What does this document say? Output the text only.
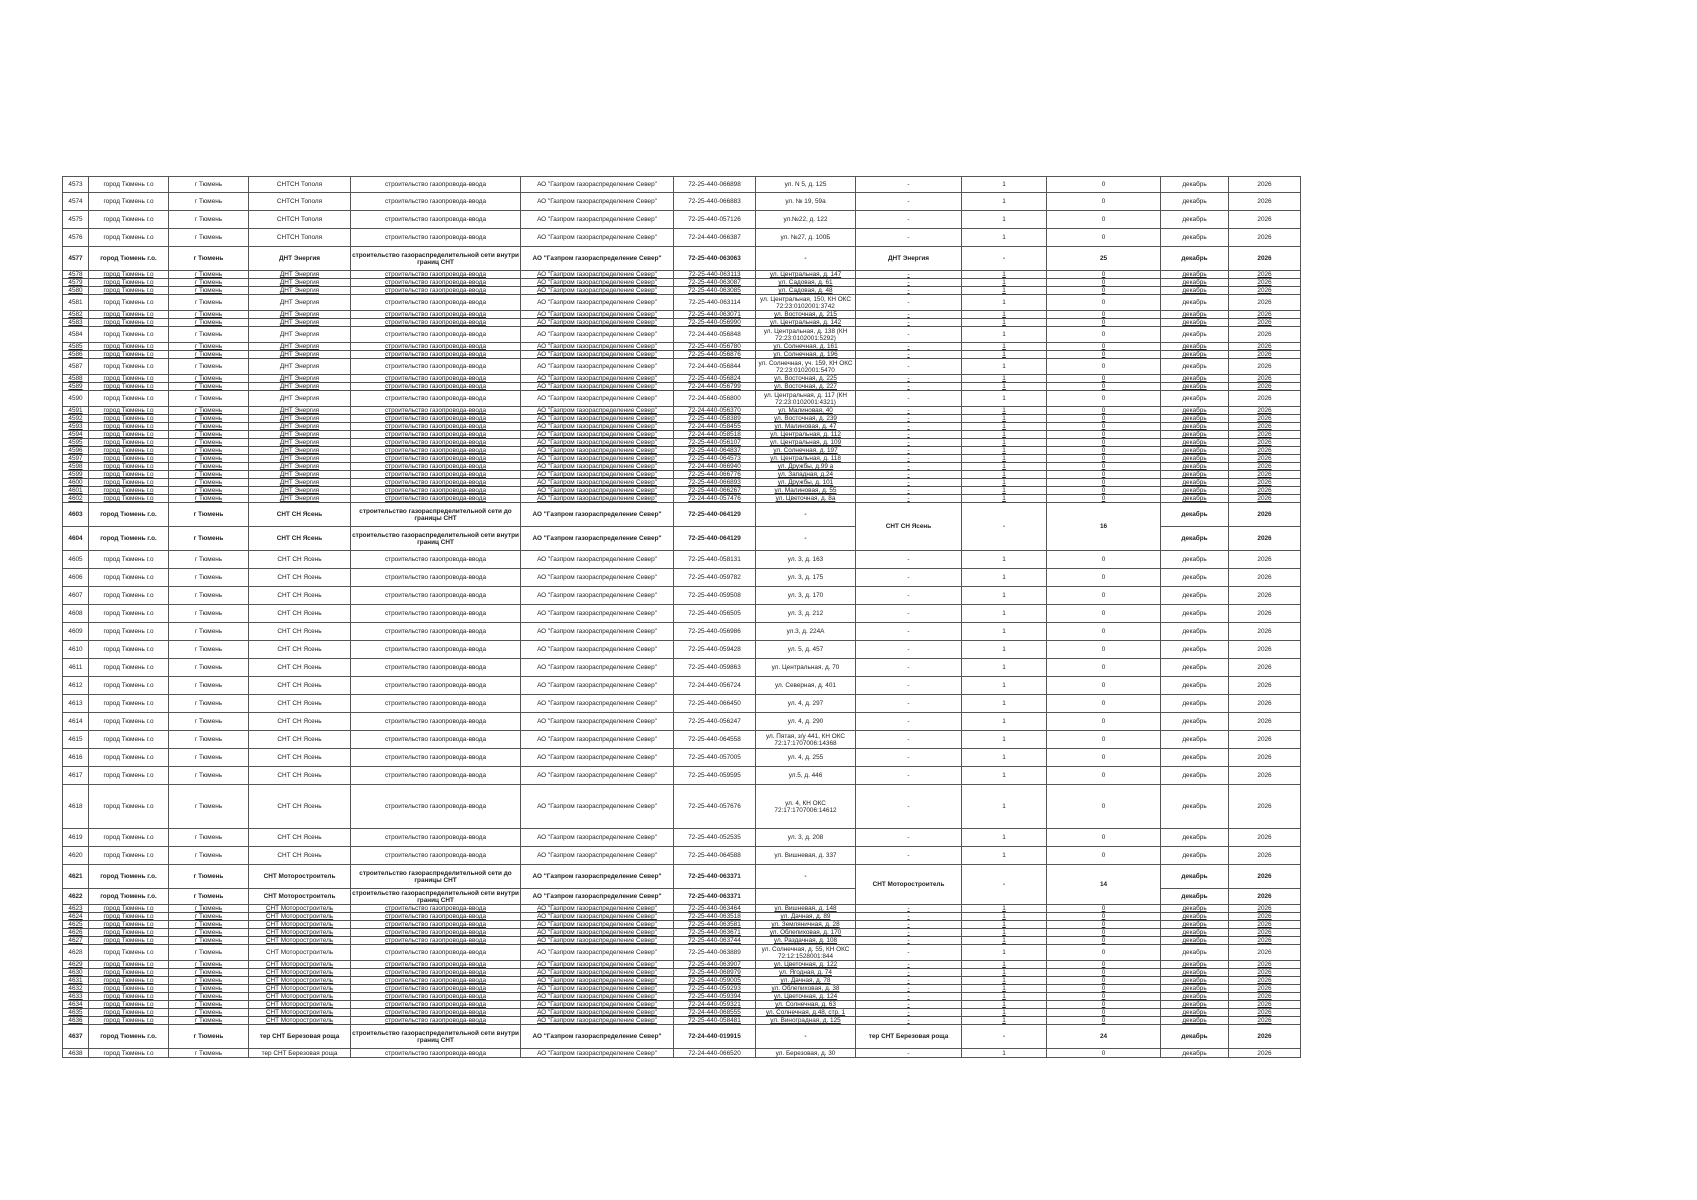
4573	город Тюмень г.о	г Тюмень	СНТСН Тополя	строительство газопровода-ввода	АО "Газпром газораспределение Север"	72-25-440-066898	ул. N 5, д. 125	-	1	0	декабрь	2026
4574	город Тюмень г.о	г Тюмень	СНТСН Тополя	строительство газопровода-ввода	АО "Газпром газораспределение Север"	72-25-440-066883	ул. № 19, 59а	-	1	0	декабрь	2026
4575	город Тюмень г.о	г Тюмень	СНТСН Тополя	строительство газопровода-ввода	АО "Газпром газораспределение Север"	72-25-440-057126	ул.№22, д. 122	-	1	0	декабрь	2026
4576	город Тюмень г.о	г Тюмень	СНТСН Тополя	строительство газопровода-ввода	АО "Газпром газораспределение Север"	72-24-440-066387	ул. №27, д. 100Б	-	1	0	декабрь	2026
4577	город Тюмень г.о.	г Тюмень	ДНТ Энергия	строительство газораспределительной сети внутри границ СНТ	АО "Газпром газораспределение Север"	72-25-440-063063	-	ДНТ Энергия	-	25	декабрь	2026
4578	город Тюмень г.о	г Тюмень	ДНТ Энергия	строительство газопровода-ввода	АО "Газпром газораспределение Север"	72-25-440-063113	ул. Центральная, д. 147	-	1	0	декабрь	2026
4579	город Тюмень г.о	г Тюмень	ДНТ Энергия	строительство газопровода-ввода	АО "Газпром газораспределение Север"	72-25-440-063087	ул. Садовая, д. 61	-	1	0	декабрь	2026
4580	город Тюмень г.о	г Тюмень	ДНТ Энергия	строительство газопровода-ввода	АО "Газпром газораспределение Север"	72-25-440-063085	ул. Садовая, д. 48	-	1	0	декабрь	2026
4581	город Тюмень г.о	г Тюмень	ДНТ Энергия	строительство газопровода-ввода	АО "Газпром газораспределение Север"	72-25-440-063114	ул. Центральная, 150, КН ОКС 72:23:0102001:3742	-	1	0	декабрь	2026
4582	город Тюмень г.о	г Тюмень	ДНТ Энергия	строительство газопровода-ввода	АО "Газпром газораспределение Север"	72-25-440-063071	ул. Восточная, д. 215	-	1	0	декабрь	2026
4583	город Тюмень г.о	г Тюмень	ДНТ Энергия	строительство газопровода-ввода	АО "Газпром газораспределение Север"	72-25-440-056990	ул. Центральная, д. 142	-	1	0	декабрь	2026
4584	город Тюмень г.о	г Тюмень	ДНТ Энергия	строительство газопровода-ввода	АО "Газпром газораспределение Север"	72-24-440-056848	ул. Центральная, д. 138 (КН 72:23:0102001:5292)	-	1	0	декабрь	2026
4585	город Тюмень г.о	г Тюмень	ДНТ Энергия	строительство газопровода-ввода	АО "Газпром газораспределение Север"	72-25-440-056780	ул. Солнечная, д. 161	-	1	0	декабрь	2026
4586	город Тюмень г.о	г Тюмень	ДНТ Энергия	строительство газопровода-ввода	АО "Газпром газораспределение Север"	72-25-440-056876	ул. Солнечная, д. 196	-	1	0	декабрь	2026
4587	город Тюмень г.о	г Тюмень	ДНТ Энергия	строительство газопровода-ввода	АО "Газпром газораспределение Север"	72-24-440-056844	ул. Солнечная, уч. 159, КН ОКС 72:23:0102001:5470	-	1	0	декабрь	2026
4588	город Тюмень г.о	г Тюмень	ДНТ Энергия	строительство газопровода-ввода	АО "Газпром газораспределение Север"	72-25-440-056824	ул. Восточная, д. 225	-	1	0	декабрь	2026
4589	город Тюмень г.о	г Тюмень	ДНТ Энергия	строительство газопровода-ввода	АО "Газпром газораспределение Север"	72-24-440-056799	ул. Восточная, д. 227	-	1	0	декабрь	2026
4590	город Тюмень г.о	г Тюмень	ДНТ Энергия	строительство газопровода-ввода	АО "Газпром газораспределение Север"	72-24-440-056800	ул. Центральная, д. 117 (КН 72:23:0102001:4321)	-	1	0	декабрь	2026
4591	город Тюмень г.о	г Тюмень	ДНТ Энергия	строительство газопровода-ввода	АО "Газпром газораспределение Север"	72-24-440-056370	ул. Малиновая, 40	-	1	0	декабрь	2026
4592	город Тюмень г.о	г Тюмень	ДНТ Энергия	строительство газопровода-ввода	АО "Газпром газораспределение Север"	72-25-440-058389	ул. Восточная, д. 239	-	1	0	декабрь	2026
4593	город Тюмень г.о	г Тюмень	ДНТ Энергия	строительство газопровода-ввода	АО "Газпром газораспределение Север"	72-24-440-058455	ул. Малиновая, д. 47	-	1	0	декабрь	2026
4594	город Тюмень г.о	г Тюмень	ДНТ Энергия	строительство газопровода-ввода	АО "Газпром газораспределение Север"	72-24-440-058518	ул. Центральная, д. 112	-	1	0	декабрь	2026
4595	город Тюмень г.о	г Тюмень	ДНТ Энергия	строительство газопровода-ввода	АО "Газпром газораспределение Север"	72-25-440-056107	ул. Центральная, д. 109	-	1	0	декабрь	2026
4596	город Тюмень г.о	г Тюмень	ДНТ Энергия	строительство газопровода-ввода	АО "Газпром газораспределение Север"	72-25-440-064837	ул. Солнечная, д. 197	-	1	0	декабрь	2026
4597	город Тюмень г.о	г Тюмень	ДНТ Энергия	строительство газопровода-ввода	АО "Газпром газораспределение Север"	72-25-440-064573	ул. Центральная, д. 118	-	1	0	декабрь	2026
4598	город Тюмень г.о	г Тюмень	ДНТ Энергия	строительство газопровода-ввода	АО "Газпром газораспределение Север"	72-24-440-066940	ул. Дружбы, д.99 а	-	1	0	декабрь	2026
4599	город Тюмень г.о	г Тюмень	ДНТ Энергия	строительство газопровода-ввода	АО "Газпром газораспределение Север"	72-25-440-066776	ул. Западная, д.24	-	1	0	декабрь	2026
4600	город Тюмень г.о	г Тюмень	ДНТ Энергия	строительство газопровода-ввода	АО "Газпром газораспределение Север"	72-25-440-066893	ул. Дружбы, д. 101	-	1	0	декабрь	2026
4601	город Тюмень г.о	г Тюмень	ДНТ Энергия	строительство газопровода-ввода	АО "Газпром газораспределение Север"	72-25-440-066267	ул. Малиновая, д. 55	-	1	0	декабрь	2026
4602	город Тюмень г.о	г Тюмень	ДНТ Энергия	строительство газопровода-ввода	АО "Газпром газораспределение Север"	72-24-440-057476	ул. Цветочная, д. 8а	-	1	0	декабрь	2026
4603	город Тюмень г.о.	г Тюмень	СНТ СН Ясень	строительство газораспределительной сети до границы СНТ	АО "Газпром газораспределение Север"	72-25-440-064129	-	СНТ СН Ясень	-	16	декабрь	2026
4604	город Тюмень г.о.	г Тюмень	СНТ СН Ясень	строительство газораспределительной сети внутри границ СНТ	АО "Газпром газораспределение Север"	72-25-440-064129	-				декабрь	2026
4605	город Тюмень г.о	г Тюмень	СНТ СН Ясень	строительство газопровода-ввода	АО "Газпром газораспределение Север"	72-25-440-058131	ул. 3, д. 163	-	1	0	декабрь	2026
4606	город Тюмень г.о	г Тюмень	СНТ СН Ясень	строительство газопровода-ввода	АО "Газпром газораспределение Север"	72-25-440-059782	ул. 3, д. 175	-	1	0	декабрь	2026
4607	город Тюмень г.о	г Тюмень	СНТ СН Ясень	строительство газопровода-ввода	АО "Газпром газораспределение Север"	72-25-440-059508	ул. 3, д. 170	-	1	0	декабрь	2026
4608	город Тюмень г.о	г Тюмень	СНТ СН Ясень	строительство газопровода-ввода	АО "Газпром газораспределение Север"	72-25-440-056505	ул. 3, д. 212	-	1	0	декабрь	2026
4609	город Тюмень г.о	г Тюмень	СНТ СН Ясень	строительство газопровода-ввода	АО "Газпром газораспределение Север"	72-25-440-056986	ул.3, д. 224А	-	1	0	декабрь	2026
4610	город Тюмень г.о	г Тюмень	СНТ СН Ясень	строительство газопровода-ввода	АО "Газпром газораспределение Север"	72-25-440-059428	ул. 5, д. 457	-	1	0	декабрь	2026
4611	город Тюмень г.о	г Тюмень	СНТ СН Ясень	строительство газопровода-ввода	АО "Газпром газораспределение Север"	72-25-440-059863	ул. Центральная, д. 70	-	1	0	декабрь	2026
4612	город Тюмень г.о	г Тюмень	СНТ СН Ясень	строительство газопровода-ввода	АО "Газпром газораспределение Север"	72-24-440-056724	ул. Северная, д. 401	-	1	0	декабрь	2026
4613	город Тюмень г.о	г Тюмень	СНТ СН Ясень	строительство газопровода-ввода	АО "Газпром газораспределение Север"	72-25-440-066450	ул. 4, д. 297	-	1	0	декабрь	2026
4614	город Тюмень г.о	г Тюмень	СНТ СН Ясень	строительство газопровода-ввода	АО "Газпром газораспределение Север"	72-25-440-056247	ул. 4, д. 290	-	1	0	декабрь	2026
4615	город Тюмень г.о	г Тюмень	СНТ СН Ясень	строительство газопровода-ввода	АО "Газпром газораспределение Север"	72-25-440-064558	ул. Пятая, з/у 441, КН ОКС 72:17:1707006:14368	-	1	0	декабрь	2026
4616	город Тюмень г.о	г Тюмень	СНТ СН Ясень	строительство газопровода-ввода	АО "Газпром газораспределение Север"	72-25-440-057005	ул. 4, д. 255	-	1	0	декабрь	2026
4617	город Тюмень г.о	г Тюмень	СНТ СН Ясень	строительство газопровода-ввода	АО "Газпром газораспределение Север"	72-25-440-059595	ул.5, д. 446	-	1	0	декабрь	2026
4618	город Тюмень г.о	г Тюмень	СНТ СН Ясень	строительство газопровода-ввода	АО "Газпром газораспределение Север"	72-25-440-057676	ул. 4, КН ОКС 72:17:1707006:14612	-	1	0	декабрь	2026
4619	город Тюмень г.о	г Тюмень	СНТ СН Ясень	строительство газопровода-ввода	АО "Газпром газораспределение Север"	72-25-440-052535	ул. 3, д. 208	-	1	0	декабрь	2026
4620	город Тюмень г.о	г Тюмень	СНТ СН Ясень	строительство газопровода-ввода	АО "Газпром газораспределение Север"	72-25-440-064588	ул. Вишневая, д. 337	-	1	0	декабрь	2026
4621	город Тюмень г.о.	г Тюмень	СНТ Моторостроитель	строительство газораспределительной сети до границы СНТ	АО "Газпром газораспределение Север"	72-25-440-063371	-	СНТ Моторостроитель	-	14	декабрь	2026
4622	город Тюмень г.о.	г Тюмень	СНТ Моторостроитель	строительство газораспределительной сети внутри границ СНТ	АО "Газпром газораспределение Север"	72-25-440-063371					декабрь	2026
4623	город Тюмень г.о	г Тюмень	СНТ Моторостроитель	строительство газопровода-ввода	АО "Газпром газораспределение Север"	72-25-440-063464	ул. Вишневая, д. 148	-	1	0	декабрь	2026
4624	город Тюмень г.о	г Тюмень	СНТ Моторостроитель	строительство газопровода-ввода	АО "Газпром газораспределение Север"	72-25-440-063518	ул. Дачная, д. 89	-	1	0	декабрь	2026
4625	город Тюмень г.о	г Тюмень	СНТ Моторостроитель	строительство газопровода-ввода	АО "Газпром газораспределение Север"	72-25-440-063581	ул. Земляничная, д. 28	-	1	0	декабрь	2026
4626	город Тюмень г.о	г Тюмень	СНТ Моторостроитель	строительство газопровода-ввода	АО "Газпром газораспределение Север"	72-25-440-063671	ул. Облепиховая, д. 170	-	1	0	декабрь	2026
4627	город Тюмень г.о	г Тюмень	СНТ Моторостроитель	строительство газопровода-ввода	АО "Газпром газораспределение Север"	72-25-440-063744	ул. Раздачная, д. 108	-	1	0	декабрь	2026
4628	город Тюмень г.о	г Тюмень	СНТ Моторостроитель	строительство газопровода-ввода	АО "Газпром газораспределение Север"	72-25-440-063889	ул. Солнечная, д. 55, КН ОКС 72:12:1528001:844	-	1	0	декабрь	2026
4629	город Тюмень г.о	г Тюмень	СНТ Моторостроитель	строительство газопровода-ввода	АО "Газпром газораспределение Север"	72-25-440-063907	ул. Цветочная, д. 122	-	1	0	декабрь	2026
4630	город Тюмень г.о	г Тюмень	СНТ Моторостроитель	строительство газопровода-ввода	АО "Газпром газораспределение Север"	72-25-440-068979	ул. Ягодная, д. 74	-	1	0	декабрь	2026
4631	город Тюмень г.о	г Тюмень	СНТ Моторостроитель	строительство газопровода-ввода	АО "Газпром газораспределение Север"	72-25-440-059005	ул. Дачная, д. 78	-	1	0	декабрь	2026
4632	город Тюмень г.о	г Тюмень	СНТ Моторостроитель	строительство газопровода-ввода	АО "Газпром газораспределение Север"	72-25-440-059293	ул. Облепиховая, д. 38	-	1	0	декабрь	2026
4633	город Тюмень г.о	г Тюмень	СНТ Моторостроитель	строительство газопровода-ввода	АО "Газпром газораспределение Север"	72-25-440-059394	ул. Цветочная, д. 124	-	1	0	декабрь	2026
4634	город Тюмень г.о	г Тюмень	СНТ Моторостроитель	строительство газопровода-ввода	АО "Газпром газораспределение Север"	72-24-440-059321	ул. Солнечная, д. 63	-	1	0	декабрь	2026
4635	город Тюмень г.о	г Тюмень	СНТ Моторостроитель	строительство газопровода-ввода	АО "Газпром газораспределение Север"	72-24-440-068555	ул. Солнечная, д.48, стр. 1	-	1	0	декабрь	2026
4636	город Тюмень г.о	г Тюмень	СНТ Моторостроитель	строительство газопровода-ввода	АО "Газпром газораспределение Север"	72-25-440-058481	ул. Виноградная, д. 125	-	1	0	декабрь	2026
4637	город Тюмень г.о.	г Тюмень	тер СНТ Березовая роща	строительство газораспределительной сети внутри границ СНТ	АО "Газпром газораспределение Север"	72-24-440-019915	-	тер СНТ Березовая роща	-	24	декабрь	2026
4638	город Тюмень г.о	г Тюмень	тер СНТ Березовая роща	строительство газопровода-ввода	АО "Газпром газораспределение Север"	72-24-440-066520	ул. Березовая, д. 30	-	1	0	декабрь	2026
